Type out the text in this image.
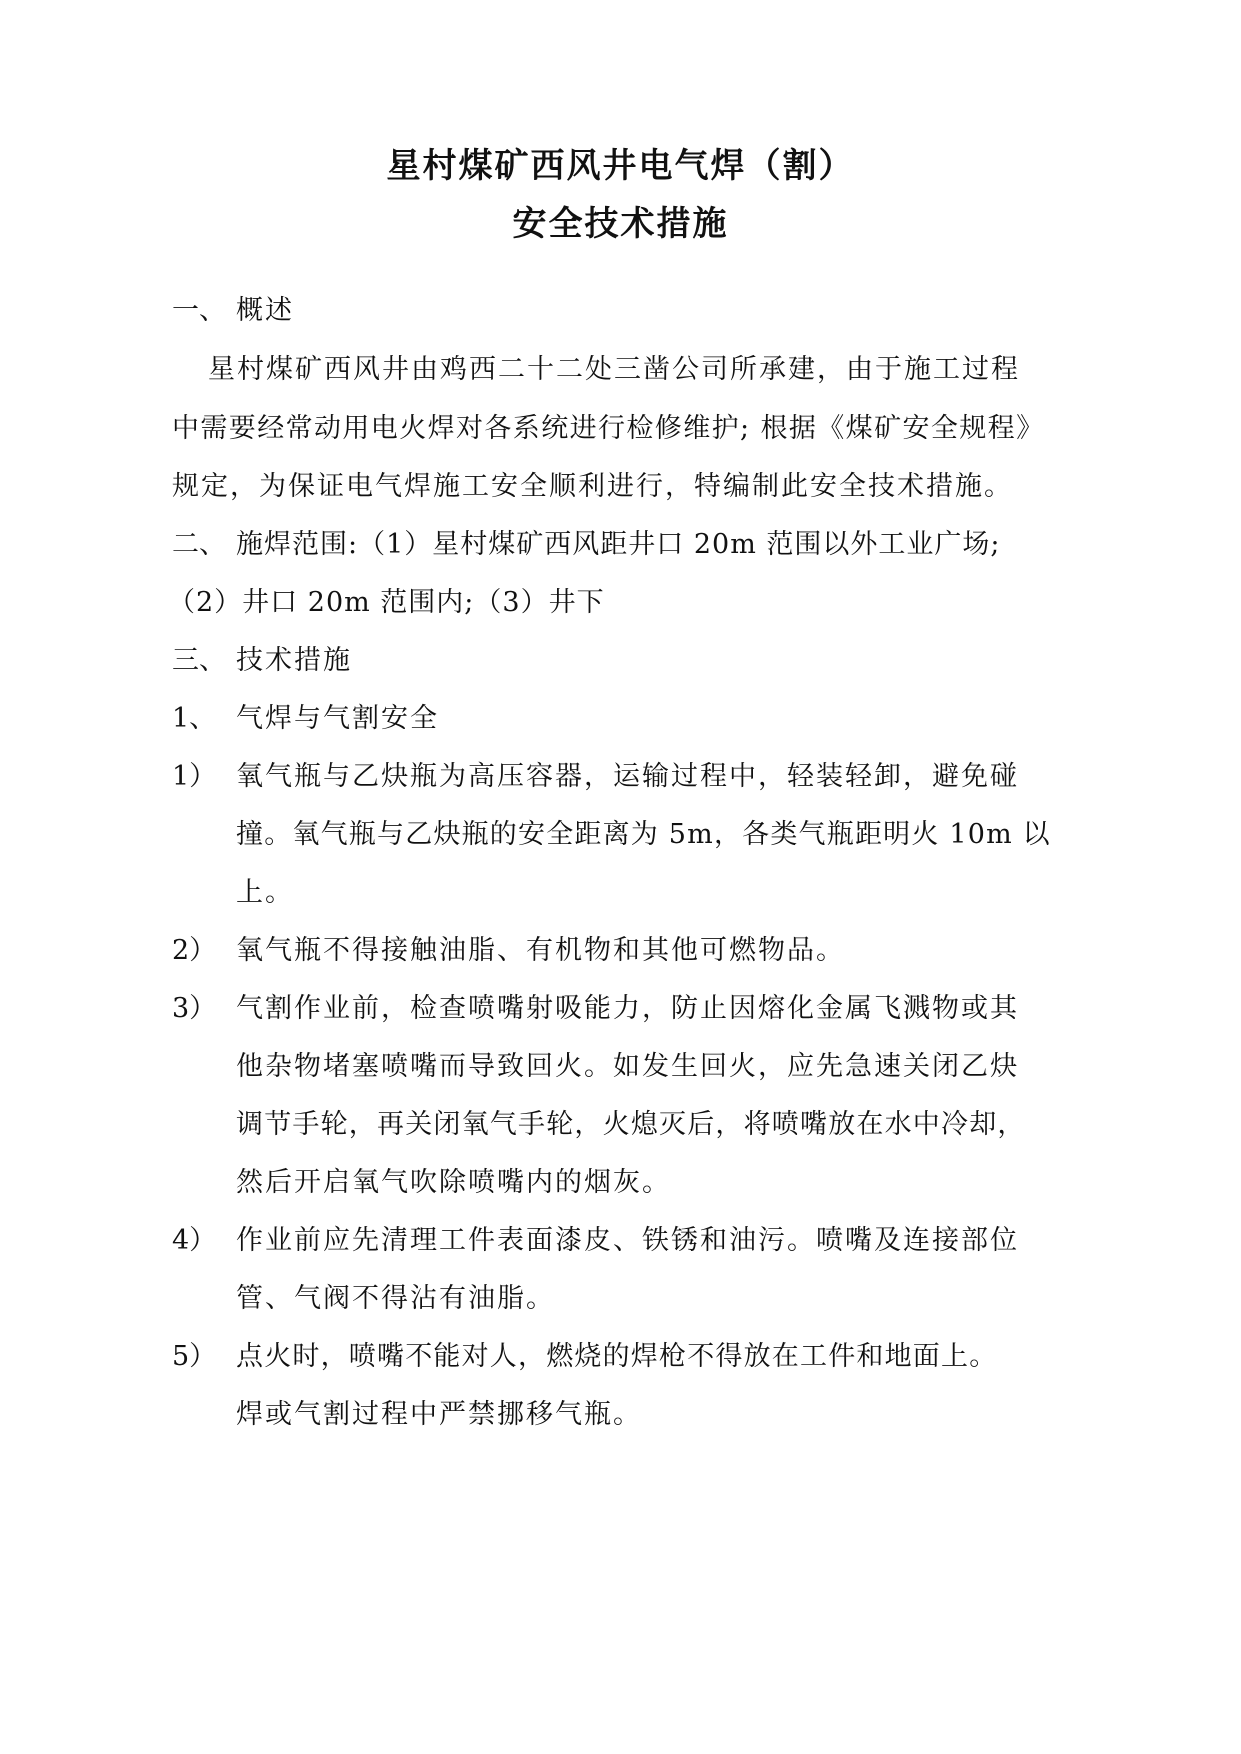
星村煤矿西风井电气焊（割）
安全技术措施
一、 概述
星村煤矿西风井由鸡西二十二处三凿公司所承建，由于施工过程
中需要经常动用电火焊对各系统进行检修维护; 根据《煤矿安全规程》
规定，为保证电气焊施工安全顺利进行，特编制此安全技术措施。
二、 施焊范围:（1）星村煤矿西风距井口 20m 范围以外工业广场;
（2）井口 20m 范围内;（3）井下
三、 技术措施
1、 气焊与气割安全
1） 氧气瓶与乙炔瓶为高压容器，运输过程中，轻装轻卸，避免碰
撞。氧气瓶与乙炔瓶的安全距离为 5m，各类气瓶距明火 10m 以
上。
2） 氧气瓶不得接触油脂、有机物和其他可燃物品。
3） 气割作业前，检查喷嘴射吸能力，防止因熔化金属飞溅物或其
他杂物堵塞喷嘴而导致回火。如发生回火，应先急速关闭乙炔
调节手轮，再关闭氧气手轮，火熄灭后，将喷嘴放在水中冷却，
然后开启氧气吹除喷嘴内的烟灰。
4） 作业前应先清理工件表面漆皮、铁锈和油污。喷嘴及连接部位
管、气阀不得沾有油脂。
5） 点火时，喷嘴不能对人，燃烧的焊枪不得放在工件和地面上。
焊或气割过程中严禁挪移气瓶。
